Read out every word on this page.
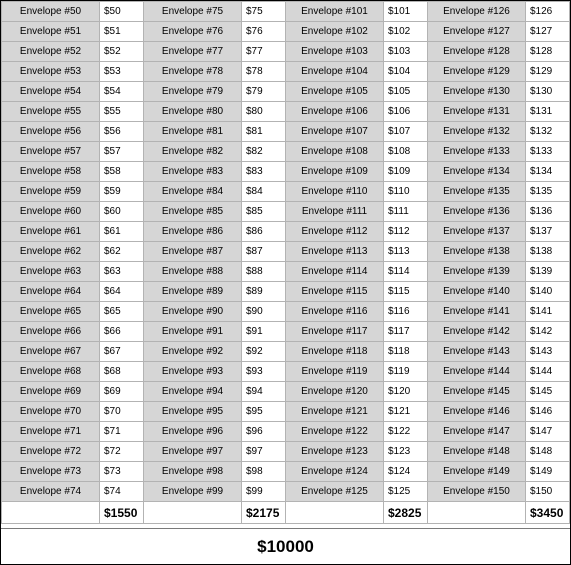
Envelope #50	$50	Envelope #75	$75	Envelope #101	$101	Envelope #126	$126
Envelope #51	$51	Envelope #76	$76	Envelope #102	$102	Envelope #127	$127
Envelope #52	$52	Envelope #77	$77	Envelope #103	$103	Envelope #128	$128
Envelope #53	$53	Envelope #78	$78	Envelope #104	$104	Envelope #129	$129
Envelope #54	$54	Envelope #79	$79	Envelope #105	$105	Envelope #130	$130
Envelope #55	$55	Envelope #80	$80	Envelope #106	$106	Envelope #131	$131
Envelope #56	$56	Envelope #81	$81	Envelope #107	$107	Envelope #132	$132
Envelope #57	$57	Envelope #82	$82	Envelope #108	$108	Envelope #133	$133
Envelope #58	$58	Envelope #83	$83	Envelope #109	$109	Envelope #134	$134
Envelope #59	$59	Envelope #84	$84	Envelope #110	$110	Envelope #135	$135
Envelope #60	$60	Envelope #85	$85	Envelope #111	$111	Envelope #136	$136
Envelope #61	$61	Envelope #86	$86	Envelope #112	$112	Envelope #137	$137
Envelope #62	$62	Envelope #87	$87	Envelope #113	$113	Envelope #138	$138
Envelope #63	$63	Envelope #88	$88	Envelope #114	$114	Envelope #139	$139
Envelope #64	$64	Envelope #89	$89	Envelope #115	$115	Envelope #140	$140
Envelope #65	$65	Envelope #90	$90	Envelope #116	$116	Envelope #141	$141
Envelope #66	$66	Envelope #91	$91	Envelope #117	$117	Envelope #142	$142
Envelope #67	$67	Envelope #92	$92	Envelope #118	$118	Envelope #143	$143
Envelope #68	$68	Envelope #93	$93	Envelope #119	$119	Envelope #144	$144
Envelope #69	$69	Envelope #94	$94	Envelope #120	$120	Envelope #145	$145
Envelope #70	$70	Envelope #95	$95	Envelope #121	$121	Envelope #146	$146
Envelope #71	$71	Envelope #96	$96	Envelope #122	$122	Envelope #147	$147
Envelope #72	$72	Envelope #97	$97	Envelope #123	$123	Envelope #148	$148
Envelope #73	$73	Envelope #98	$98	Envelope #124	$124	Envelope #149	$149
Envelope #74	$74	Envelope #99	$99	Envelope #125	$125	Envelope #150	$150
	$1550		$2175		$2825		$3450
$10000
